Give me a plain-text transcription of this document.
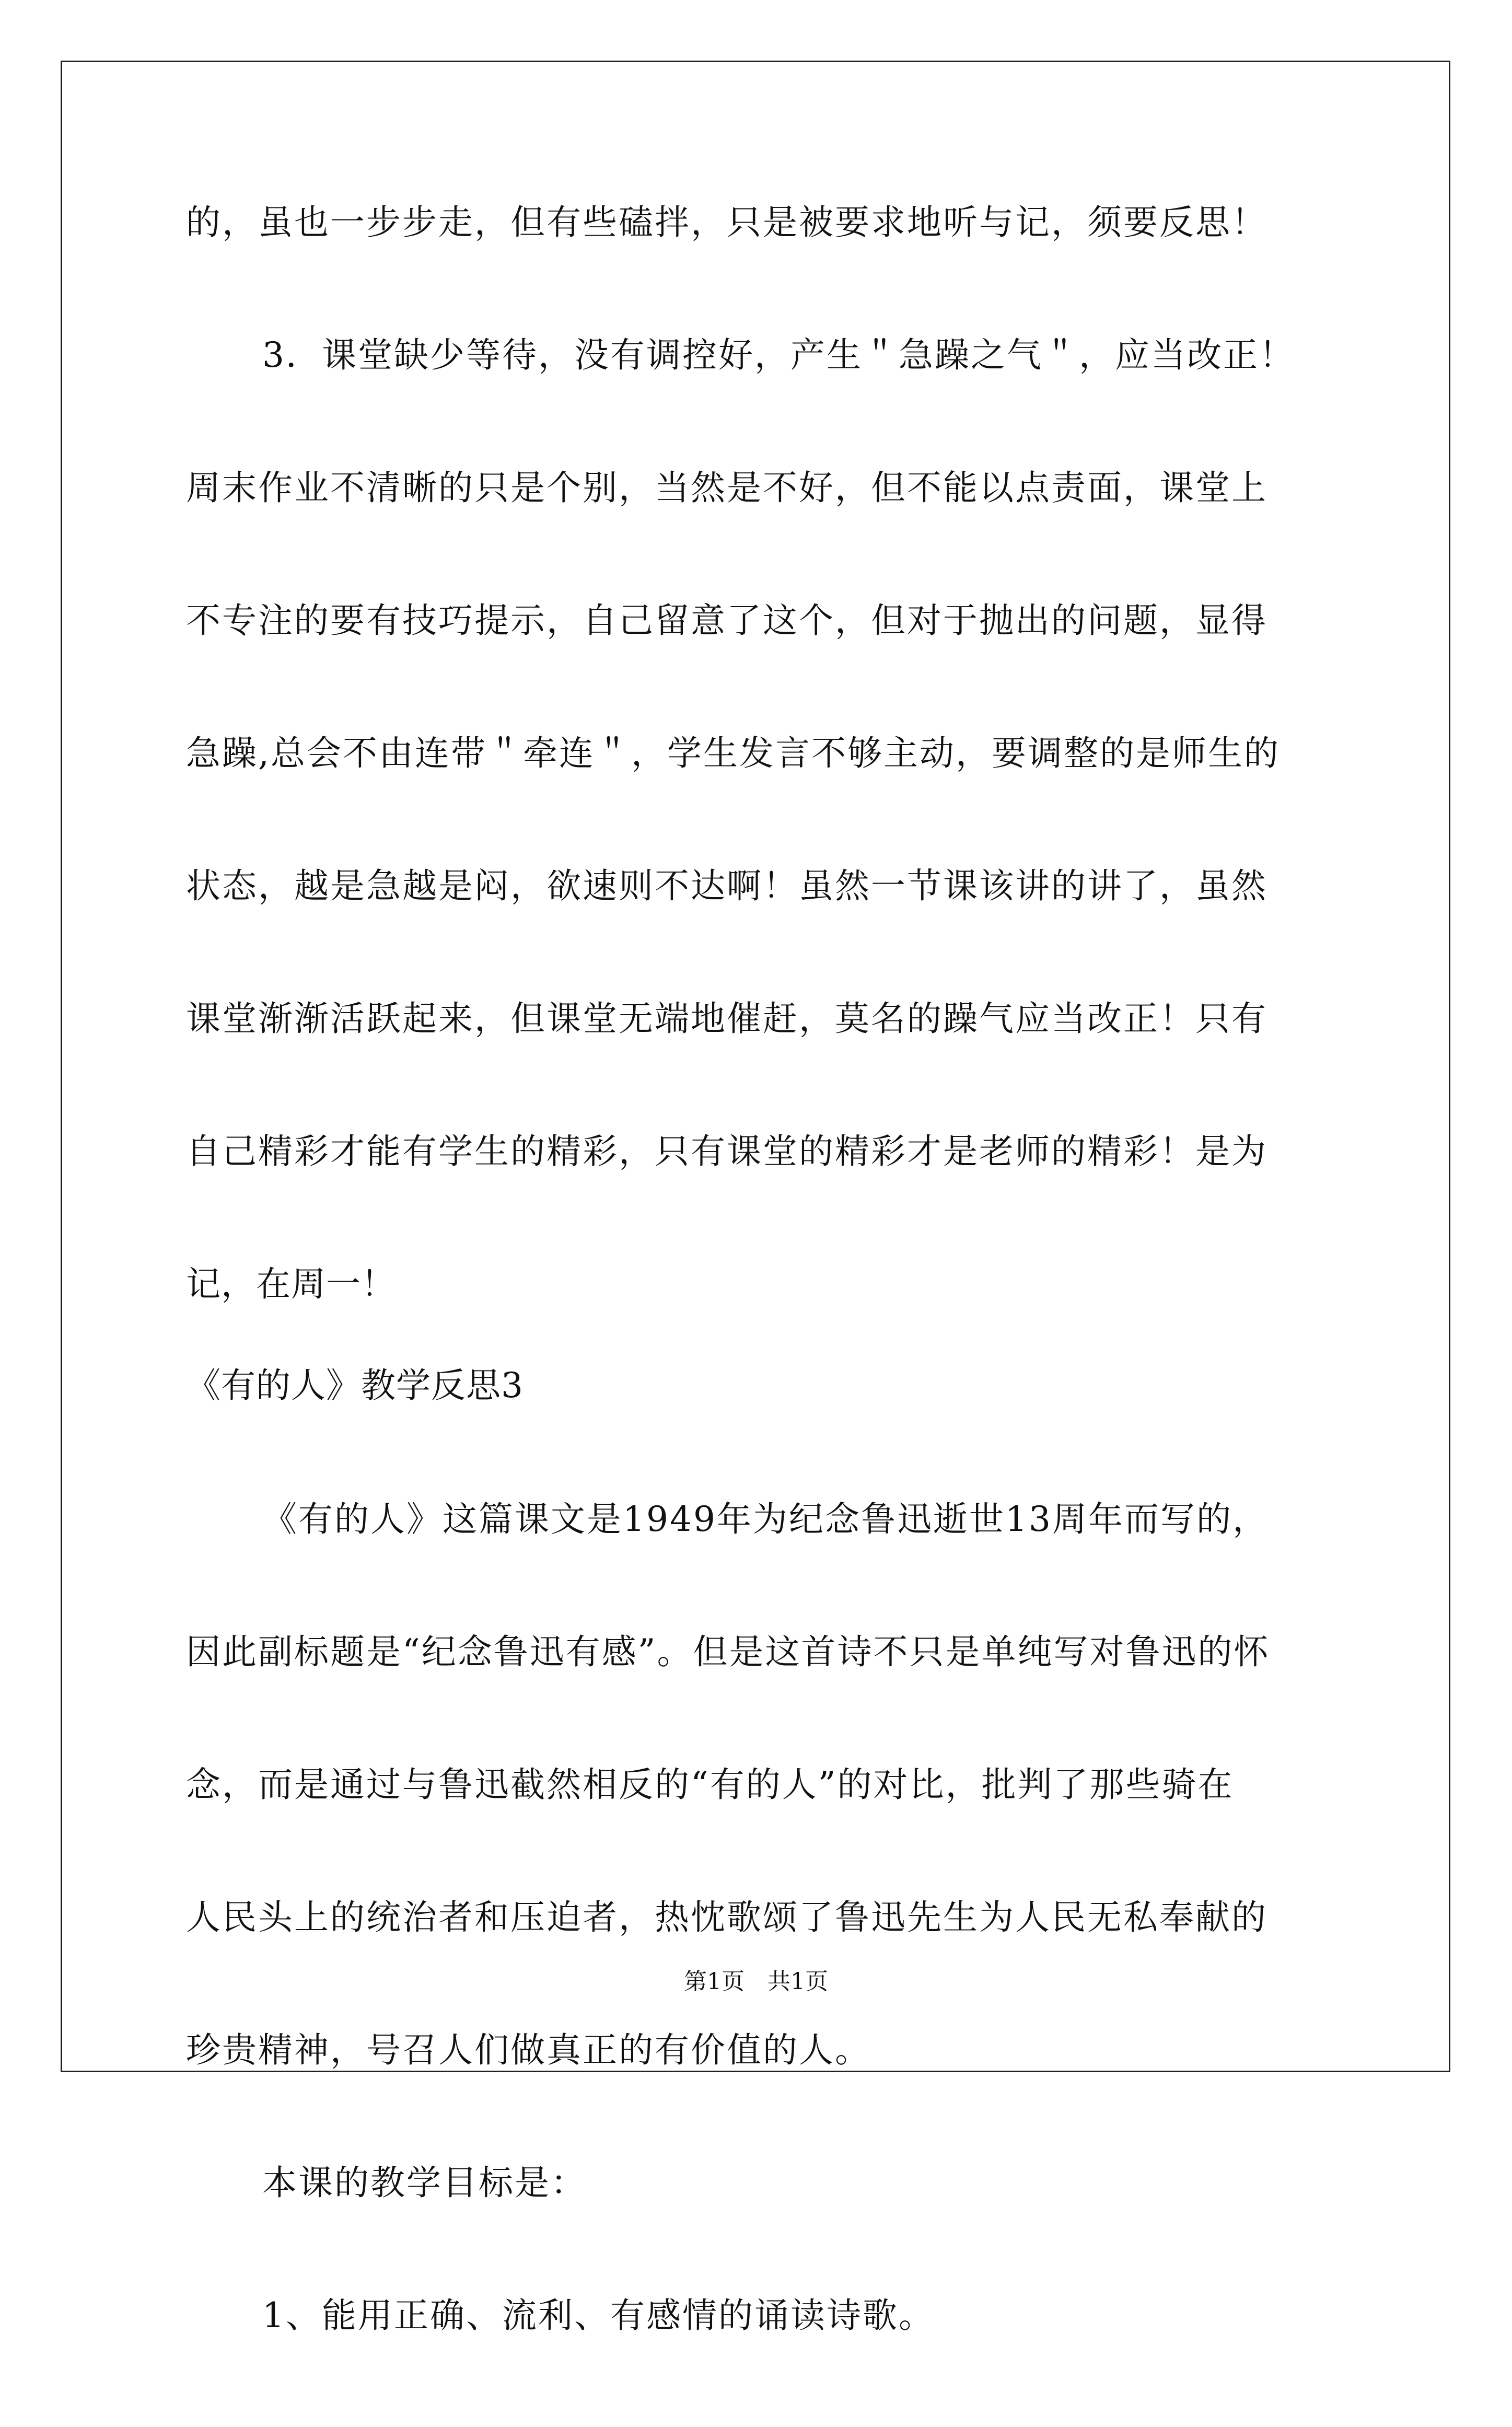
的，虽也一步步走，但有些磕拌，只是被要求地听与记，须要反思！

3．课堂缺少等待，没有调控好，产生＂急躁之气＂，应当改正！

周末作业不清晰的只是个别，当然是不好，但不能以点责面，课堂上

不专注的要有技巧提示，自己留意了这个，但对于抛出的问题，显得

急躁,总会不由连带＂牵连＂，学生发言不够主动，要调整的是师生的

状态，越是急越是闷，欲速则不达啊！虽然一节课该讲的讲了，虽然

课堂渐渐活跃起来，但课堂无端地催赶，莫名的躁气应当改正！只有

自己精彩才能有学生的精彩，只有课堂的精彩才是老师的精彩！是为

记，在周一！

《有的人》教学反思3

《有的人》这篇课文是1949年为纪念鲁迅逝世13周年而写的，

因此副标题是“纪念鲁迅有感”。但是这首诗不只是单纯写对鲁迅的怀

念，而是通过与鲁迅截然相反的“有的人”的对比，批判了那些骑在

人民头上的统治者和压迫者，热忱歌颂了鲁迅先生为人民无私奉献的

珍贵精神，号召人们做真正的有价值的人。

本课的教学目标是：

1、能用正确、流利、有感情的诵读诗歌。

第1页　共1页
